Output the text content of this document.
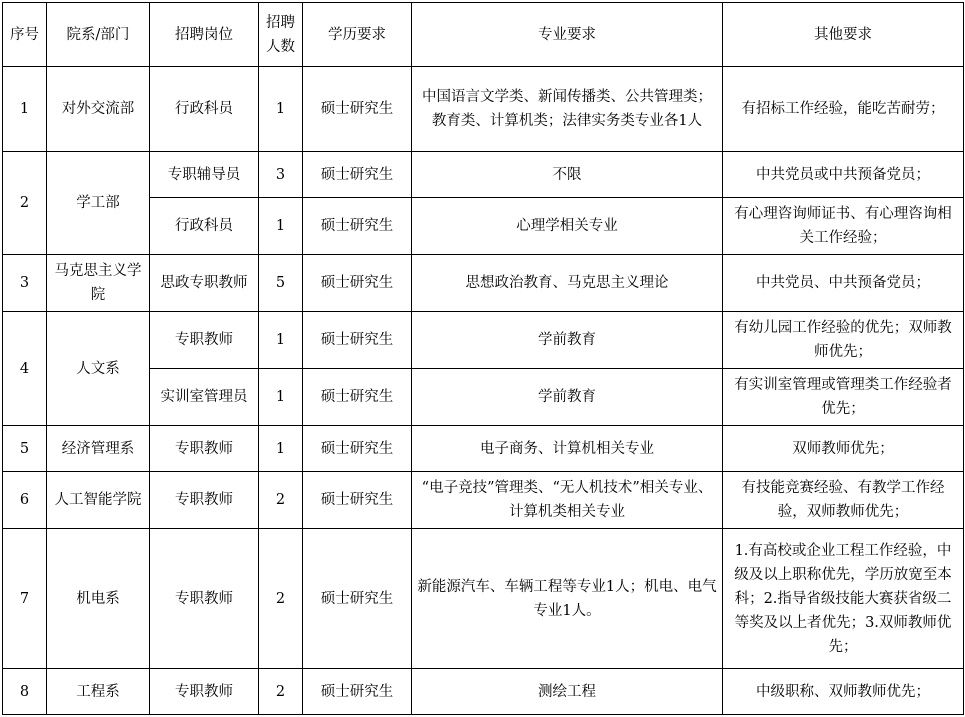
序号	院系/部门	招聘岗位	招聘人数	学历要求	专业要求	其他要求
1	对外交流部	行政科员	1	硕士研究生	中国语言文学类、新闻传播类、公共管理类；教育类、计算机类；法律实务类专业各1人	有招标工作经验，能吃苦耐劳；
2	学工部	专职辅导员	3	硕士研究生	不限	中共党员或中共预备党员；
		行政科员	1	硕士研究生	心理学相关专业	有心理咨询师证书、有心理咨询相关工作经验；
3	马克思主义学院	思政专职教师	5	硕士研究生	思想政治教育、马克思主义理论	中共党员、中共预备党员；
4	人文系	专职教师	1	硕士研究生	学前教育	有幼儿园工作经验的优先；双师教师优先；
		实训室管理员	1	硕士研究生	学前教育	有实训室管理或管理类工作经验者优先；
5	经济管理系	专职教师	1	硕士研究生	电子商务、计算机相关专业	双师教师优先；
6	人工智能学院	专职教师	2	硕士研究生	“电子竞技”管理类、“无人机技术”相关专业、计算机类相关专业	有技能竞赛经验、有教学工作经验，双师教师优先；
7	机电系	专职教师	2	硕士研究生	新能源汽车、车辆工程等专业1人；机电、电气专业1人。	1.有高校或企业工程工作经验，中级及以上职称优先，学历放宽至本科；2.指导省级技能大赛获省级二等奖及以上者优先；3.双师教师优先；
8	工程系	专职教师	2	硕士研究生	测绘工程	中级职称、双师教师优先；
